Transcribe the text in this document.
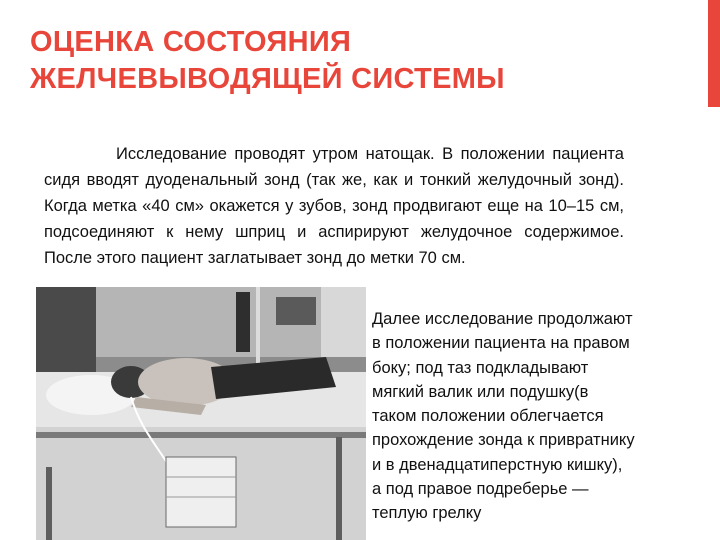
ОЦЕНКА СОСТОЯНИЯ
ЖЕЛЧЕВЫВОДЯЩЕЙ СИСТЕМЫ

Исследование проводят утром натощак. В положении пациента сидя вводят дуоденальный зонд (так же, как и тонкий желудочный зонд). Когда метка «40 см» окажется у зубов, зонд продвигают еще на 10–15 см, подсоединяют к нему шприц и аспирируют желудочное содержимое. После этого пациент заглатывает зонд до метки 70 см.

Далее исследование продолжают
в положении пациента на правом
боку; под таз подкладывают
мягкий валик или подушку(в
таком положении облегчается
прохождение зонда к привратнику
и в двенадцатиперстную кишку),
а под правое подреберье —
теплую грелку
